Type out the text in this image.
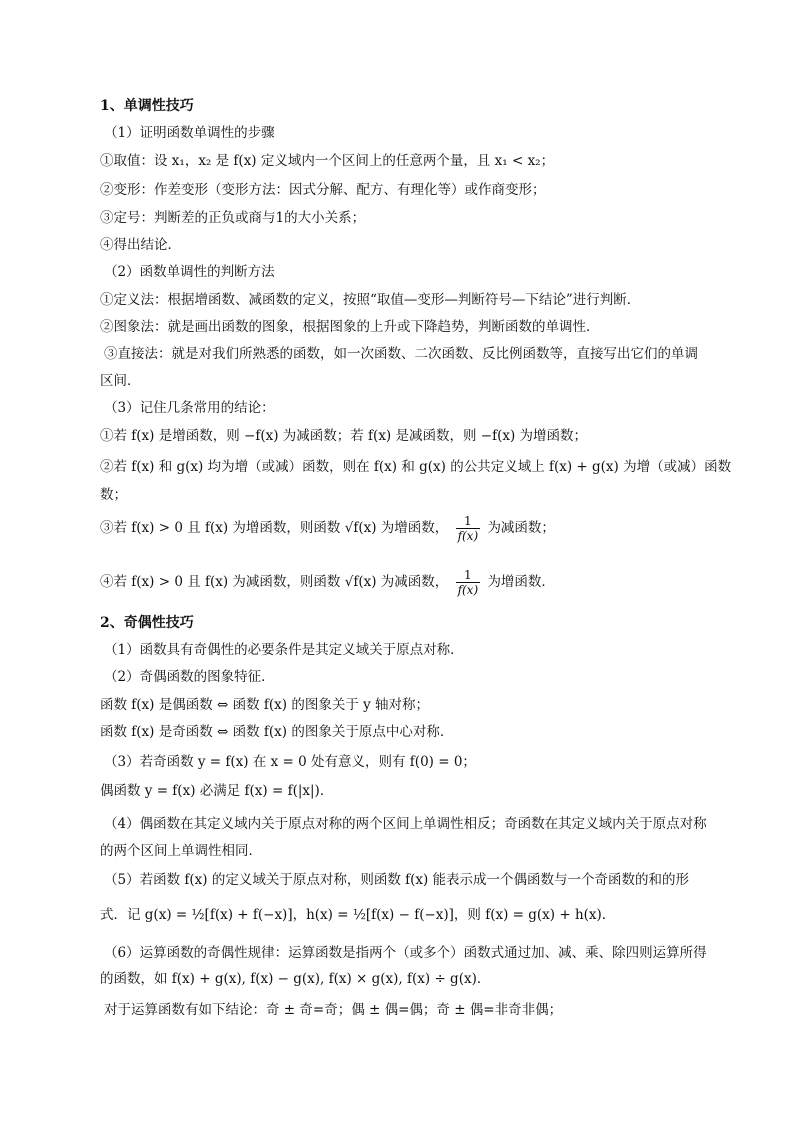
1、单调性技巧
（1）证明函数单调性的步骤
①取值：设 x₁，x₂ 是 f(x) 定义域内一个区间上的任意两个量，且 x₁ < x₂；
②变形：作差变形（变形方法：因式分解、配方、有理化等）或作商变形；
③定号：判断差的正负或商与1的大小关系；
④得出结论．
（2）函数单调性的判断方法
①定义法：根据增函数、减函数的定义，按照“取值—变形—判断符号—下结论”进行判断．
②图象法：就是画出函数的图象，根据图象的上升或下降趋势，判断函数的单调性．
③直接法：就是对我们所熟悉的函数，如一次函数、二次函数、反比例函数等，直接写出它们的单调
区间．
（3）记住几条常用的结论：
①若 f(x) 是增函数，则 −f(x) 为减函数；若 f(x) 是减函数，则 −f(x) 为增函数；
②若 f(x) 和 g(x) 均为增（或减）函数，则在 f(x) 和 g(x) 的公共定义域上 f(x) + g(x) 为增（或减）函数
数；
③若 f(x) > 0 且 f(x) 为增函数，则函数 √f(x) 为增函数， $\frac{1}{f(x)}$ 为减函数；
④若 f(x) > 0 且 f(x) 为减函数，则函数 √f(x) 为减函数， $\frac{1}{f(x)}$ 为增函数．
2、奇偶性技巧
（1）函数具有奇偶性的必要条件是其定义域关于原点对称．
（2）奇偶函数的图象特征．
函数 f(x) 是偶函数 ⇔ 函数 f(x) 的图象关于 y 轴对称；
函数 f(x) 是奇函数 ⇔ 函数 f(x) 的图象关于原点中心对称．
（3）若奇函数 y = f(x) 在 x = 0 处有意义，则有 f(0) = 0；
偶函数 y = f(x) 必满足 f(x) = f(|x|)．
（4）偶函数在其定义域内关于原点对称的两个区间上单调性相反；奇函数在其定义域内关于原点对称
的两个区间上单调性相同．
（5）若函数 f(x) 的定义域关于原点对称，则函数 f(x) 能表示成一个偶函数与一个奇函数的和的形
式．记 g(x) = ½[f(x) + f(−x)]，h(x) = ½[f(x) − f(−x)]，则 f(x) = g(x) + h(x)．
（6）运算函数的奇偶性规律：运算函数是指两个（或多个）函数式通过加、减、乘、除四则运算所得
的函数，如 f(x) + g(x), f(x) − g(x), f(x) × g(x), f(x) ÷ g(x)．
对于运算函数有如下结论：奇 ± 奇=奇；偶 ± 偶=偶；奇 ± 偶=非奇非偶；
